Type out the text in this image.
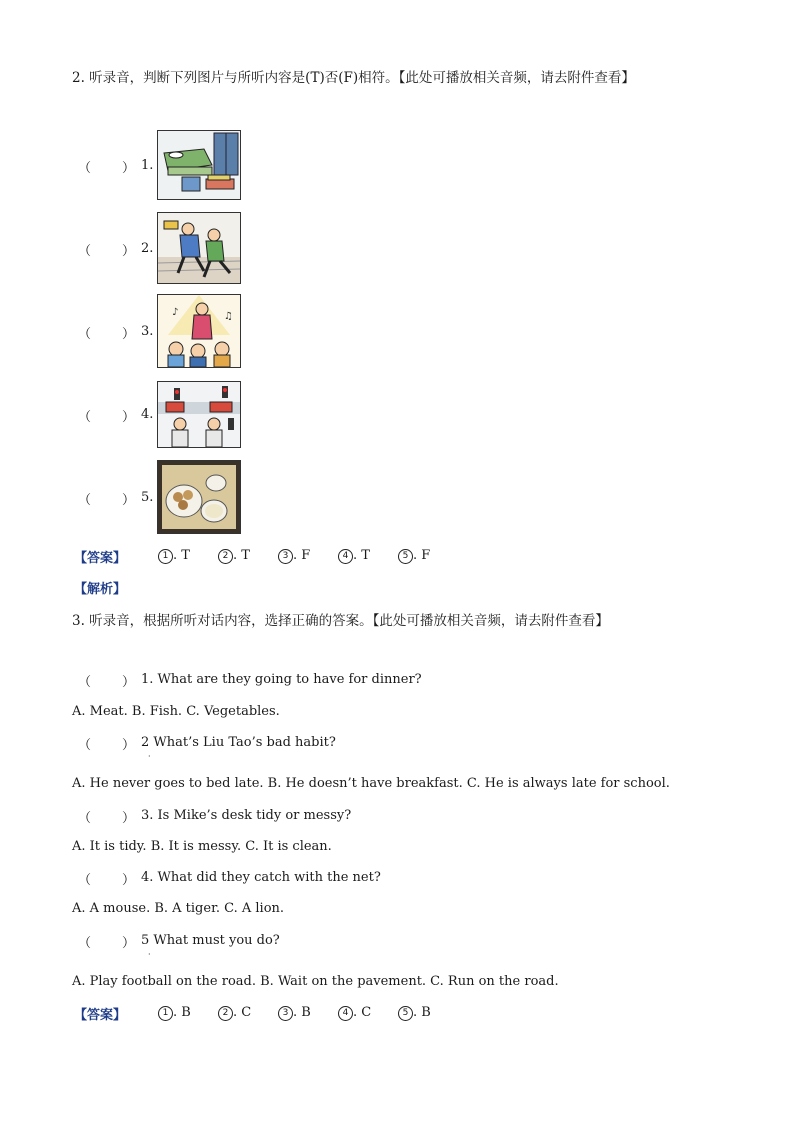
2. 听录音，判断下列图片与所听内容是(T)否(F)相符。【此处可播放相关音频，请去附件查看】
（ ） 1.
（ ） 2.
（ ） 3.
♪	♫
（ ） 4.
（ ） 5.
【答案】	1 . T	2 . T	3 . F	4 . T	5 . F
【解析】
3. 听录音，根据所听对话内容，选择正确的答案。【此处可播放相关音频，请去附件查看】
（ ） 1. What are they going to have for dinner?
A. Meat. B. Fish. C. Vegetables.
（ ） 2 What’s Liu Tao’s bad habit?
·
A. He never goes to bed late. B. He doesn’t have breakfast. C. He is always late for school.
（ ） 3. Is Mike’s desk tidy or messy?
A. It is tidy. B. It is messy. C. It is clean.
（ ） 4. What did they catch with the net?
A. A mouse. B. A tiger. C. A lion.
（ ） 5 What must you do?
·
A. Play football on the road. B. Wait on the pavement. C. Run on the road.
【答案】	1 . B	2 . C	3 . B	4 . C	5 . B
